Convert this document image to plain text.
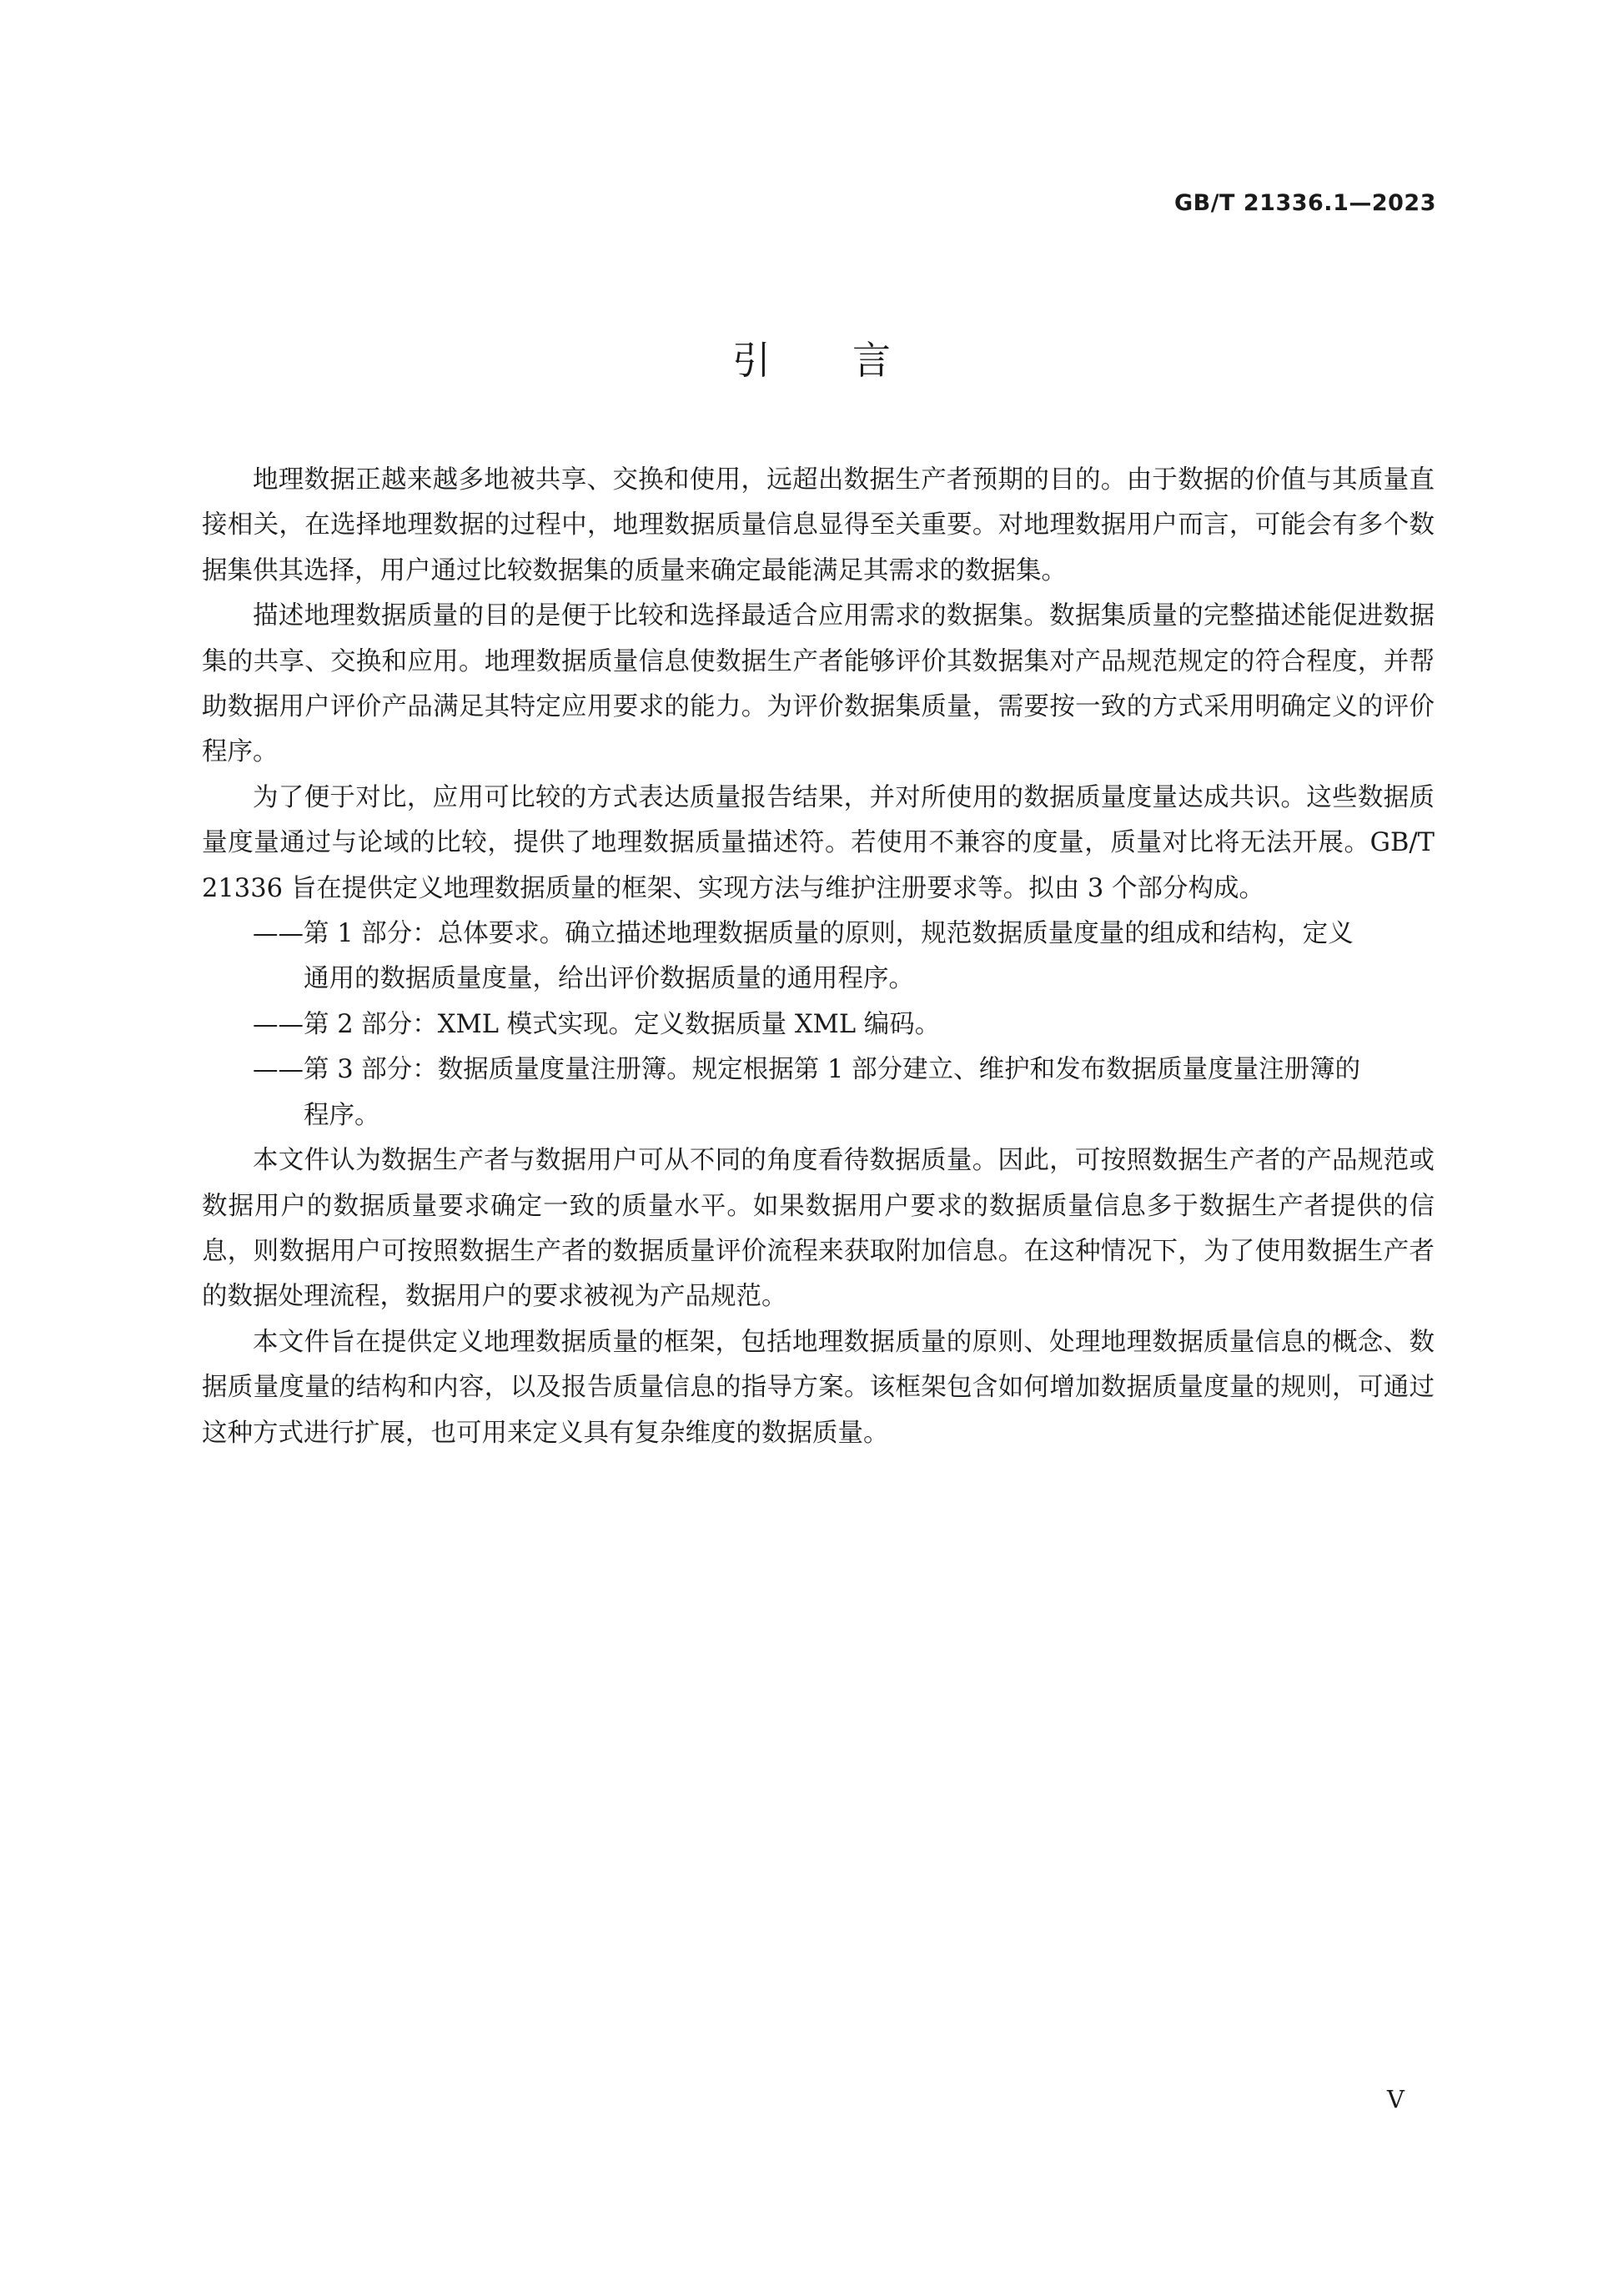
GB/T 21336.1—2023
引言

地理数据正越来越多地被共享、交换和使用，远超出数据生产者预期的目的。由于数据的价值与其质量直接相关，在选择地理数据的过程中，地理数据质量信息显得至关重要。对地理数据用户而言，可能会有多个数据集供其选择，用户通过比较数据集的质量来确定最能满足其需求的数据集。

描述地理数据质量的目的是便于比较和选择最适合应用需求的数据集。数据集质量的完整描述能促进数据集的共享、交换和应用。地理数据质量信息使数据生产者能够评价其数据集对产品规范规定的符合程度，并帮助数据用户评价产品满足其特定应用要求的能力。为评价数据集质量，需要按一致的方式采用明确定义的评价程序。

为了便于对比，应用可比较的方式表达质量报告结果，并对所使用的数据质量度量达成共识。这些数据质量度量通过与论域的比较，提供了地理数据质量描述符。若使用不兼容的度量，质量对比将无法开展。GB/T 21336 旨在提供定义地理数据质量的框架、实现方法与维护注册要求等。拟由 3 个部分构成。

——第 1 部分：总体要求。确立描述地理数据质量的原则，规范数据质量度量的组成和结构，定义
通用的数据质量度量，给出评价数据质量的通用程序。
——第 2 部分：XML 模式实现。定义数据质量 XML 编码。
——第 3 部分：数据质量度量注册簿。规定根据第 1 部分建立、维护和发布数据质量度量注册簿的
程序。

本文件认为数据生产者与数据用户可从不同的角度看待数据质量。因此，可按照数据生产者的产品规范或数据用户的数据质量要求确定一致的质量水平。如果数据用户要求的数据质量信息多于数据生产者提供的信息，则数据用户可按照数据生产者的数据质量评价流程来获取附加信息。在这种情况下，为了使用数据生产者的数据处理流程，数据用户的要求被视为产品规范。

本文件旨在提供定义地理数据质量的框架，包括地理数据质量的原则、处理地理数据质量信息的概念、数据质量度量的结构和内容，以及报告质量信息的指导方案。该框架包含如何增加数据质量度量的规则，可通过这种方式进行扩展，也可用来定义具有复杂维度的数据质量。

V
